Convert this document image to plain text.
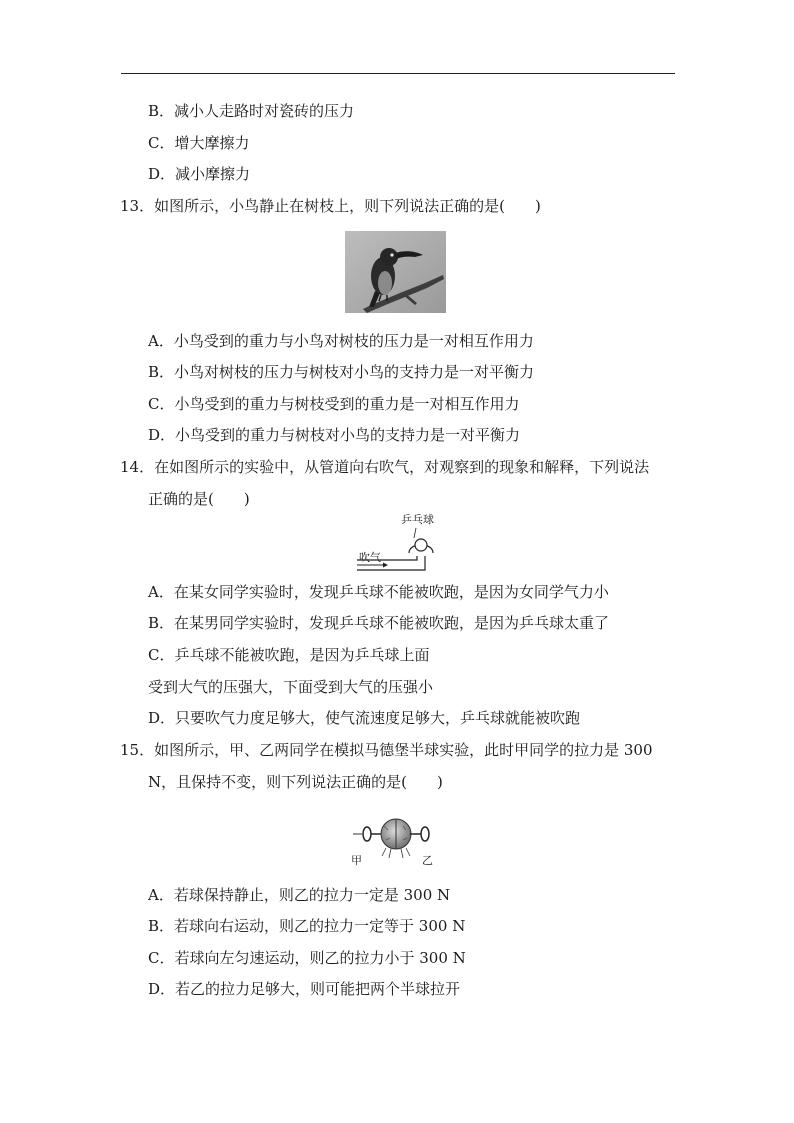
B．减小人走路时对瓷砖的压力
C．增大摩擦力
D．减小摩擦力
13．如图所示，小鸟静止在树枝上，则下列说法正确的是(　　)
A．小鸟受到的重力与小鸟对树枝的压力是一对相互作用力
B．小鸟对树枝的压力与树枝对小鸟的支持力是一对平衡力
C．小鸟受到的重力与树枝受到的重力是一对相互作用力
D．小鸟受到的重力与树枝对小鸟的支持力是一对平衡力
14．在如图所示的实验中，从管道向右吹气，对观察到的现象和解释，下列说法
正确的是(　　)
乒乓球
吹气
A．在某女同学实验时，发现乒乓球不能被吹跑，是因为女同学气力小
B．在某男同学实验时，发现乒乓球不能被吹跑，是因为乒乓球太重了
C．乒乓球不能被吹跑，是因为乒乓球上面
受到大气的压强大，下面受到大气的压强小
D．只要吹气力度足够大，使气流速度足够大，乒乓球就能被吹跑
15．如图所示，甲、乙两同学在模拟马德堡半球实验，此时甲同学的拉力是 300
N，且保持不变，则下列说法正确的是(　　)
甲	乙
A．若球保持静止，则乙的拉力一定是 300 N
B．若球向右运动，则乙的拉力一定等于 300 N
C．若球向左匀速运动，则乙的拉力小于 300 N
D．若乙的拉力足够大，则可能把两个半球拉开
